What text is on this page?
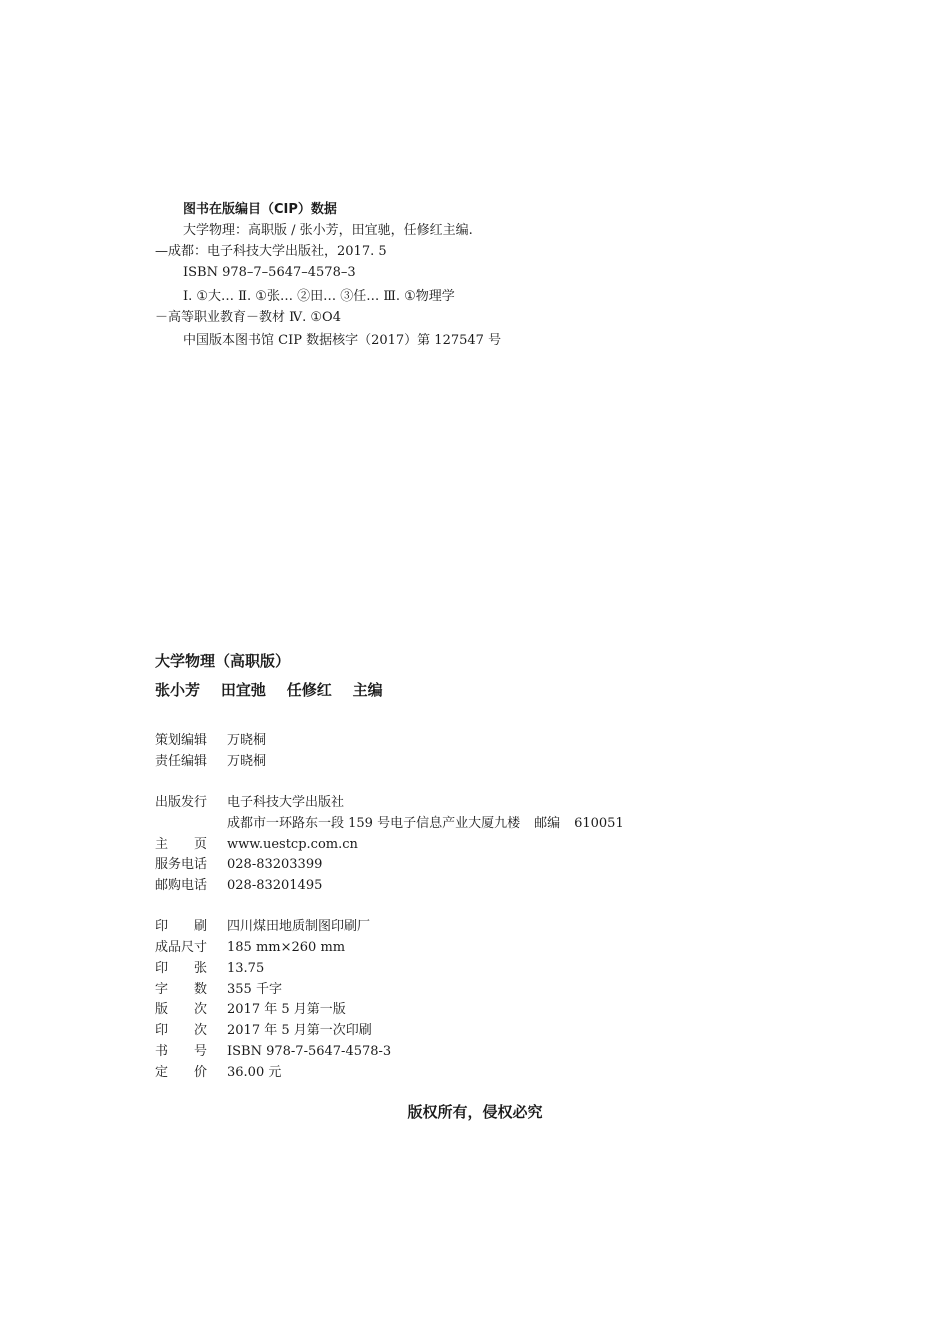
图书在版编目（CIP）数据
大学物理：高职版 / 张小芳，田宜驰，任修红主编.
—成都：电子科技大学出版社，2017. 5
ISBN 978–7–5647–4578–3
Ⅰ. ①大… Ⅱ. ①张… ②田… ③任… Ⅲ. ①物理学
－高等职业教育－教材 Ⅳ. ①O4
中国版本图书馆 CIP 数据核字（2017）第 127547 号
大学物理（高职版）
张小芳    田宜弛    任修红    主编
策划编辑 万晓桐
责任编辑 万晓桐
出版发行 电子科技大学出版社
成都市一环路东一段 159 号电子信息产业大厦九楼 邮编 610051
主　　页 www.uestcp.com.cn
服务电话 028-83203399
邮购电话 028-83201495
印　　刷 四川煤田地质制图印刷厂
成品尺寸 185 mm×260 mm
印　　张 13.75
字　　数 355 千字
版　　次 2017 年 5 月第一版
印　　次 2017 年 5 月第一次印刷
书　　号 ISBN 978-7-5647-4578-3
定　　价 36.00 元
版权所有，侵权必究
